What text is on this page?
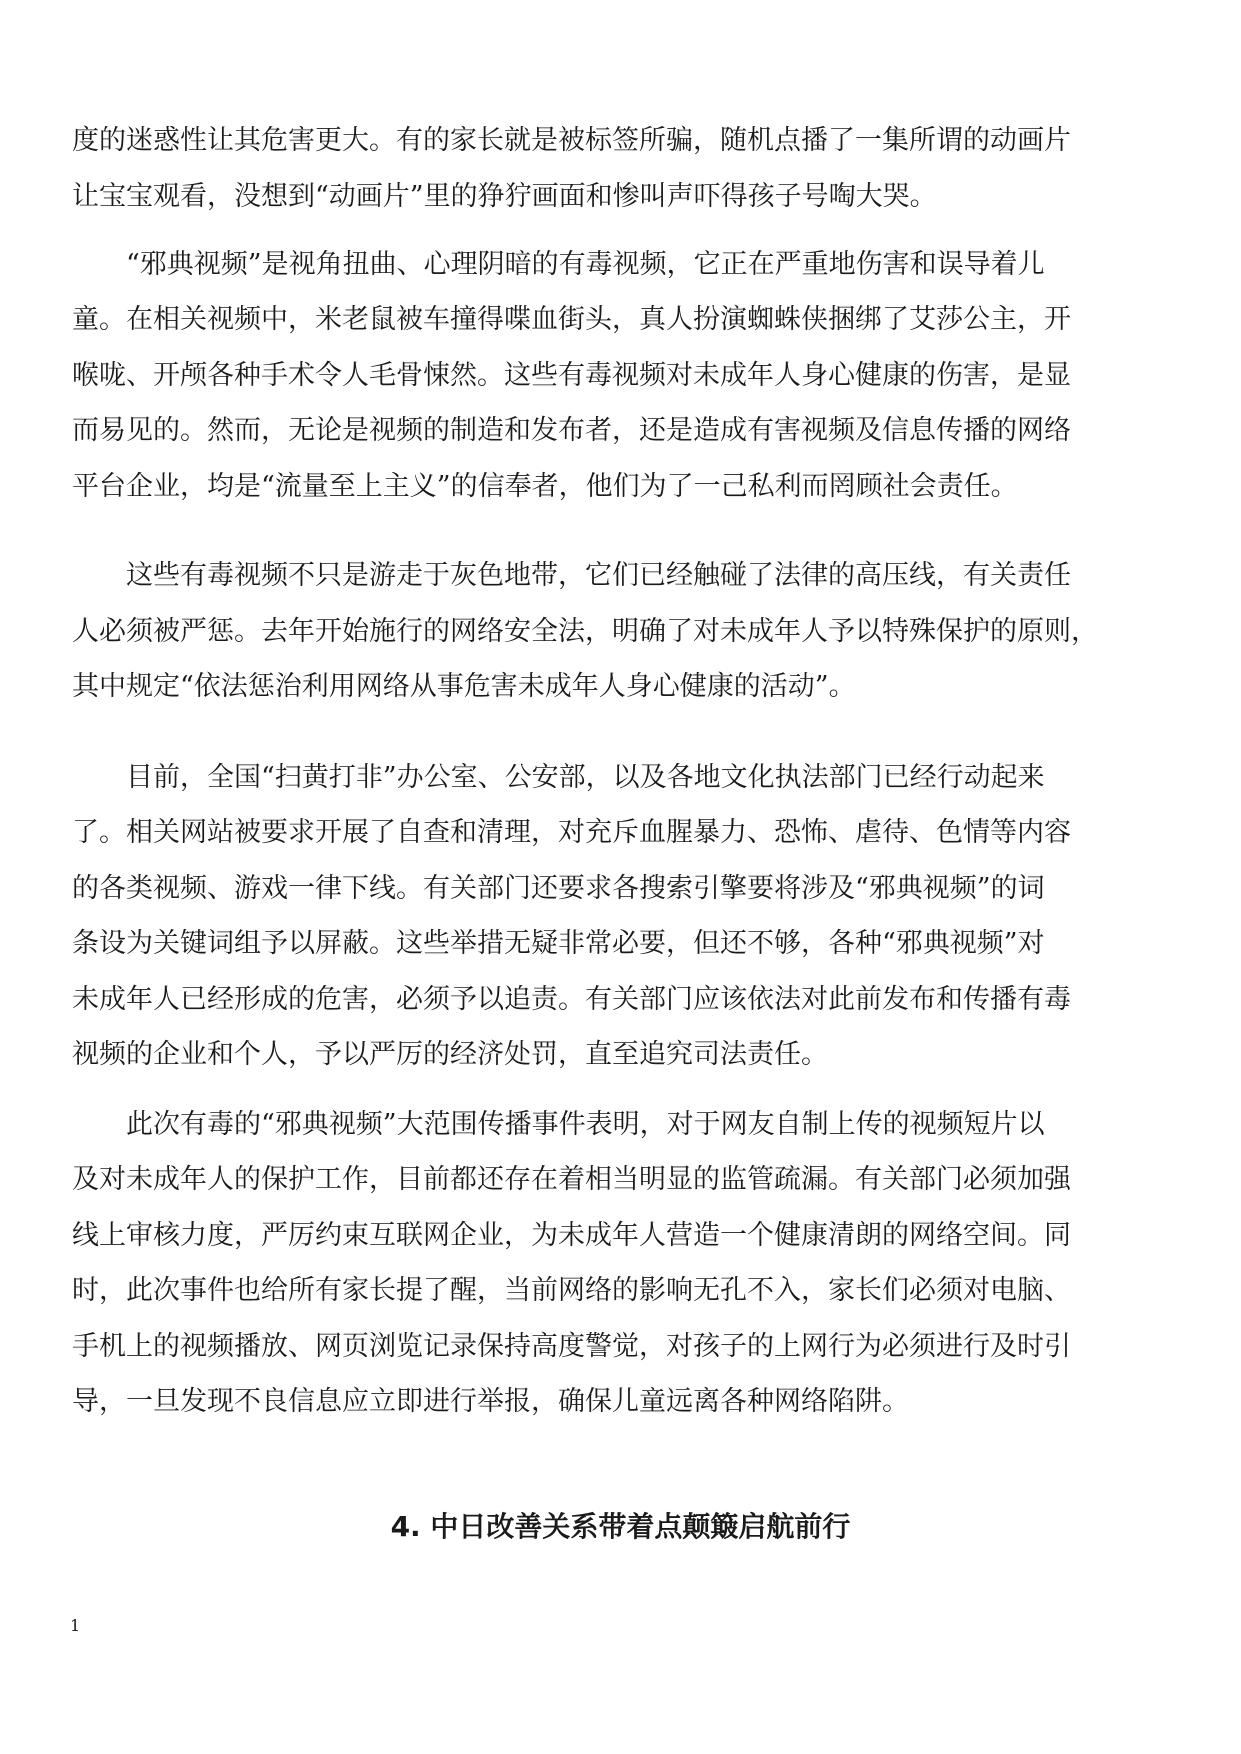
度的迷惑性让其危害更大。有的家长就是被标签所骗，随机点播了一集所谓的动画片

让宝宝观看，没想到“动画片”里的狰狞画面和惨叫声吓得孩子号啕大哭。

“邪典视频”是视角扭曲、心理阴暗的有毒视频，它正在严重地伤害和误导着儿

童。在相关视频中，米老鼠被车撞得喋血街头，真人扮演蜘蛛侠捆绑了艾莎公主，开

喉咙、开颅各种手术令人毛骨悚然。这些有毒视频对未成年人身心健康的伤害，是显

而易见的。然而，无论是视频的制造和发布者，还是造成有害视频及信息传播的网络

平台企业，均是“流量至上主义”的信奉者，他们为了一己私利而罔顾社会责任。

这些有毒视频不只是游走于灰色地带，它们已经触碰了法律的高压线，有关责任

人必须被严惩。去年开始施行的网络安全法，明确了对未成年人予以特殊保护的原则，

其中规定“依法惩治利用网络从事危害未成年人身心健康的活动”。

目前，全国“扫黄打非”办公室、公安部，以及各地文化执法部门已经行动起来

了。相关网站被要求开展了自查和清理，对充斥血腥暴力、恐怖、虐待、色情等内容

的各类视频、游戏一律下线。有关部门还要求各搜索引擎要将涉及“邪典视频”的词

条设为关键词组予以屏蔽。这些举措无疑非常必要，但还不够，各种“邪典视频”对

未成年人已经形成的危害，必须予以追责。有关部门应该依法对此前发布和传播有毒

视频的企业和个人，予以严厉的经济处罚，直至追究司法责任。

此次有毒的“邪典视频”大范围传播事件表明，对于网友自制上传的视频短片以

及对未成年人的保护工作，目前都还存在着相当明显的监管疏漏。有关部门必须加强

线上审核力度，严厉约束互联网企业，为未成年人营造一个健康清朗的网络空间。同

时，此次事件也给所有家长提了醒，当前网络的影响无孔不入，家长们必须对电脑、

手机上的视频播放、网页浏览记录保持高度警觉，对孩子的上网行为必须进行及时引

导，一旦发现不良信息应立即进行举报，确保儿童远离各种网络陷阱。

4. 中日改善关系带着点颠簸启航前行

1
